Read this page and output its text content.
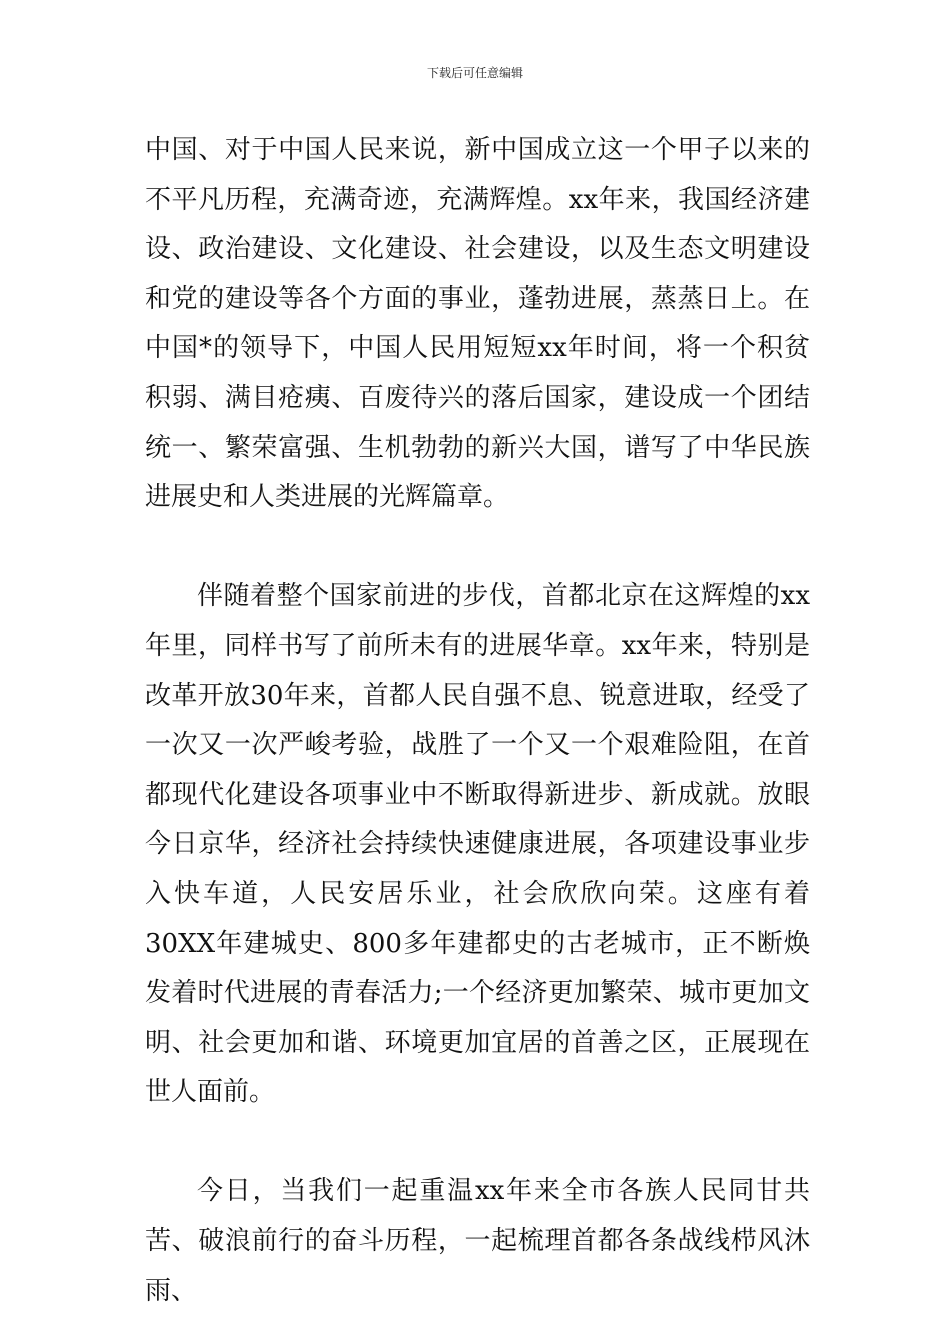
下载后可任意编辑

中国、对于中国人民来说，新中国成立这一个甲子以来的不平凡历程，充满奇迹，充满辉煌。xx年来，我国经济建设、政治建设、文化建设、社会建设，以及生态文明建设和党的建设等各个方面的事业，蓬勃进展，蒸蒸日上。在中国*的领导下，中国人民用短短xx年时间，将一个积贫积弱、满目疮痍、百废待兴的落后国家，建设成一个团结统一、繁荣富强、生机勃勃的新兴大国，谱写了中华民族进展史和人类进展的光辉篇章。

伴随着整个国家前进的步伐，首都北京在这辉煌的xx年里，同样书写了前所未有的进展华章。xx年来，特别是改革开放30年来，首都人民自强不息、锐意进取，经受了一次又一次严峻考验，战胜了一个又一个艰难险阻，在首都现代化建设各项事业中不断取得新进步、新成就。放眼今日京华，经济社会持续快速健康进展，各项建设事业步入快车道，人民安居乐业，社会欣欣向荣。这座有着30XX年建城史、800多年建都史的古老城市，正不断焕发着时代进展的青春活力;一个经济更加繁荣、城市更加文明、社会更加和谐、环境更加宜居的首善之区，正展现在世人面前。

今日，当我们一起重温xx年来全市各族人民同甘共苦、破浪前行的奋斗历程，一起梳理首都各条战线栉风沐雨、
